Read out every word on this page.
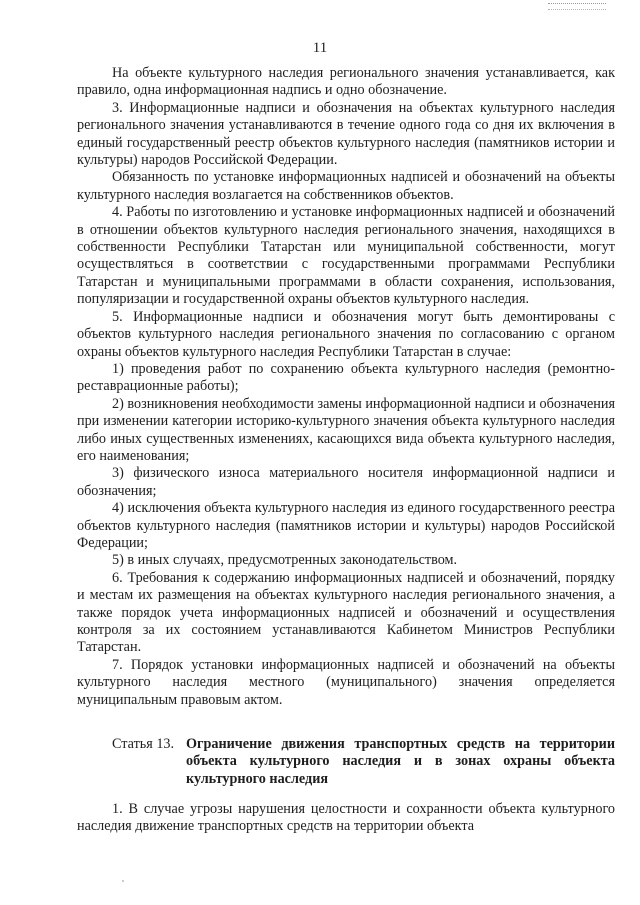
11

На объекте культурного наследия регионального значения устанавливается, как правило, одна информационная надпись и одно обозначение.

3. Информационные надписи и обозначения на объектах культурного наследия регионального значения устанавливаются в течение одного года со дня их включения в единый государственный реестр объектов культурного наследия (памятников истории и культуры) народов Российской Федерации.

Обязанность по установке информационных надписей и обозначений на объекты культурного наследия возлагается на собственников объектов.

4. Работы по изготовлению и установке информационных надписей и обозначений в отношении объектов культурного наследия регионального значения, находящихся в собственности Республики Татарстан или муниципальной собственности, могут осуществляться в соответствии с государственными программами Республики Татарстан и муниципальными программами в области сохранения, использования, популяризации и государственной охраны объектов культурного наследия.

5. Информационные надписи и обозначения могут быть демонтированы с объектов культурного наследия регионального значения по согласованию с органом охраны объектов культурного наследия Республики Татарстан в случае:

1) проведения работ по сохранению объекта культурного наследия (ремонтно-реставрационные работы);

2) возникновения необходимости замены информационной надписи и обозначения при изменении категории историко-культурного значения объекта культурного наследия либо иных существенных изменениях, касающихся вида объекта культурного наследия, его наименования;

3) физического износа материального носителя информационной надписи и обозначения;

4) исключения объекта культурного наследия из единого государственного реестра объектов культурного наследия (памятников истории и культуры) народов Российской Федерации;

5) в иных случаях, предусмотренных законодательством.

6. Требования к содержанию информационных надписей и обозначений, порядку и местам их размещения на объектах культурного наследия регионального значения, а также порядок учета информационных надписей и обозначений и осуществления контроля за их состоянием устанавливаются Кабинетом Министров Республики Татарстан.

7. Порядок установки информационных надписей и обозначений на объекты культурного наследия местного (муниципального) значения определяется муниципальным правовым актом.

Статья 13. Ограничение движения транспортных средств на территории объекта культурного наследия и в зонах охраны объекта культурного наследия

1. В случае угрозы нарушения целостности и сохранности объекта культурного наследия движение транспортных средств на территории объекта
